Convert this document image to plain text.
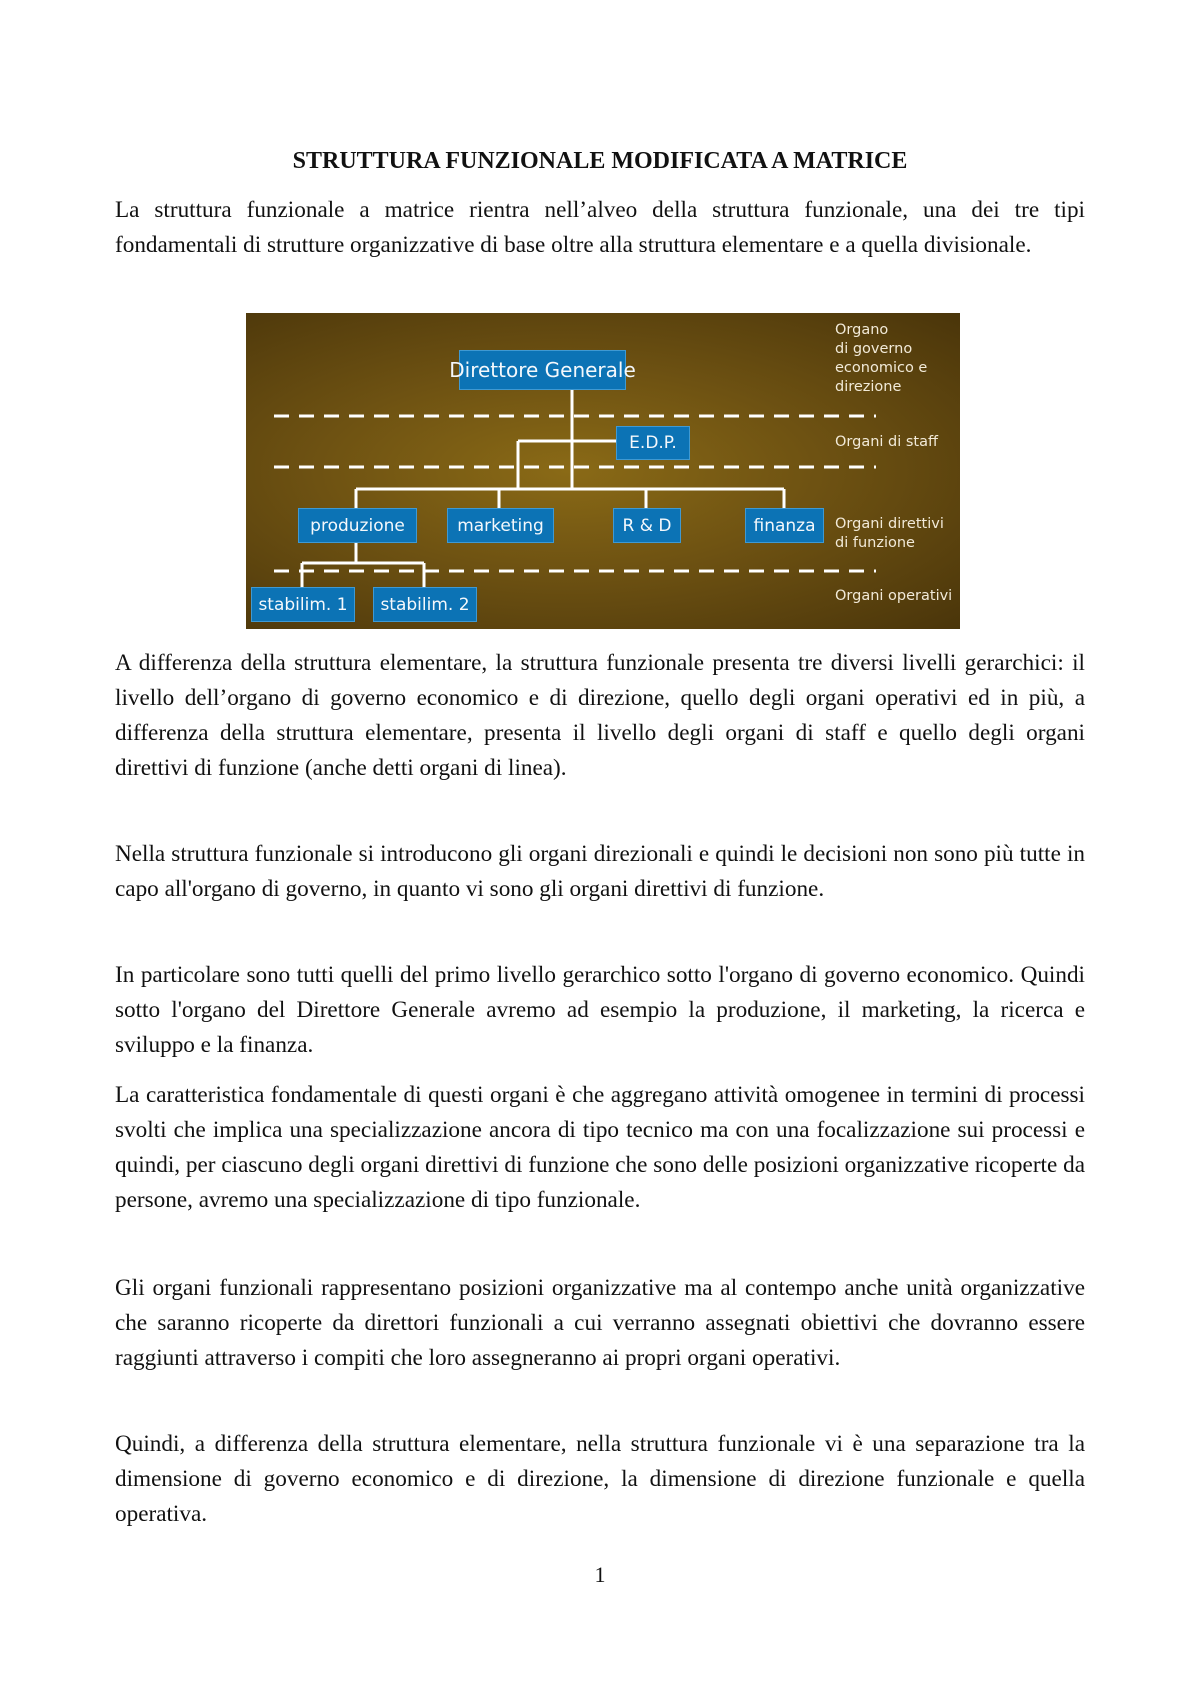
STRUTTURA FUNZIONALE MODIFICATA A MATRICE

La struttura funzionale a matrice rientra nell’alveo della struttura funzionale, una dei tre tipi fondamentali di strutture organizzative di base oltre alla struttura elementare e a quella divisionale.

Direttore Generale
E.D.P.
produzione	marketing	R & D	finanza
stabilim. 1	stabilim. 2
Organo
di governo
economico e
direzione
Organi di staff
Organi direttivi
di funzione
Organi operativi

A differenza della struttura elementare, la struttura funzionale presenta tre diversi livelli gerarchici: il livello dell’organo di governo economico e di direzione, quello degli organi operativi ed in più, a differenza della struttura elementare, presenta il livello degli organi di staff e quello degli organi direttivi di funzione (anche detti organi di linea).

Nella struttura funzionale si introducono gli organi direzionali e quindi le decisioni non sono più tutte in capo all'organo di governo, in quanto vi sono gli organi direttivi di funzione.

In particolare sono tutti quelli del primo livello gerarchico sotto l'organo di governo economico. Quindi sotto l'organo del Direttore Generale avremo ad esempio la produzione, il marketing, la ricerca e sviluppo e la finanza.

La caratteristica fondamentale di questi organi è che aggregano attività omogenee in termini di processi svolti che implica una specializzazione ancora di tipo tecnico ma con una focalizzazione sui processi e quindi, per ciascuno degli organi direttivi di funzione che sono delle posizioni organizzative ricoperte da persone, avremo una specializzazione di tipo funzionale.

Gli organi funzionali rappresentano posizioni organizzative ma al contempo anche unità organizzative che saranno ricoperte da direttori funzionali a cui verranno assegnati obiettivi che dovranno essere raggiunti attraverso i compiti che loro assegneranno ai propri organi operativi.

Quindi, a differenza della struttura elementare, nella struttura funzionale vi è una separazione tra la dimensione di governo economico e di direzione, la dimensione di direzione funzionale e quella operativa.

1
